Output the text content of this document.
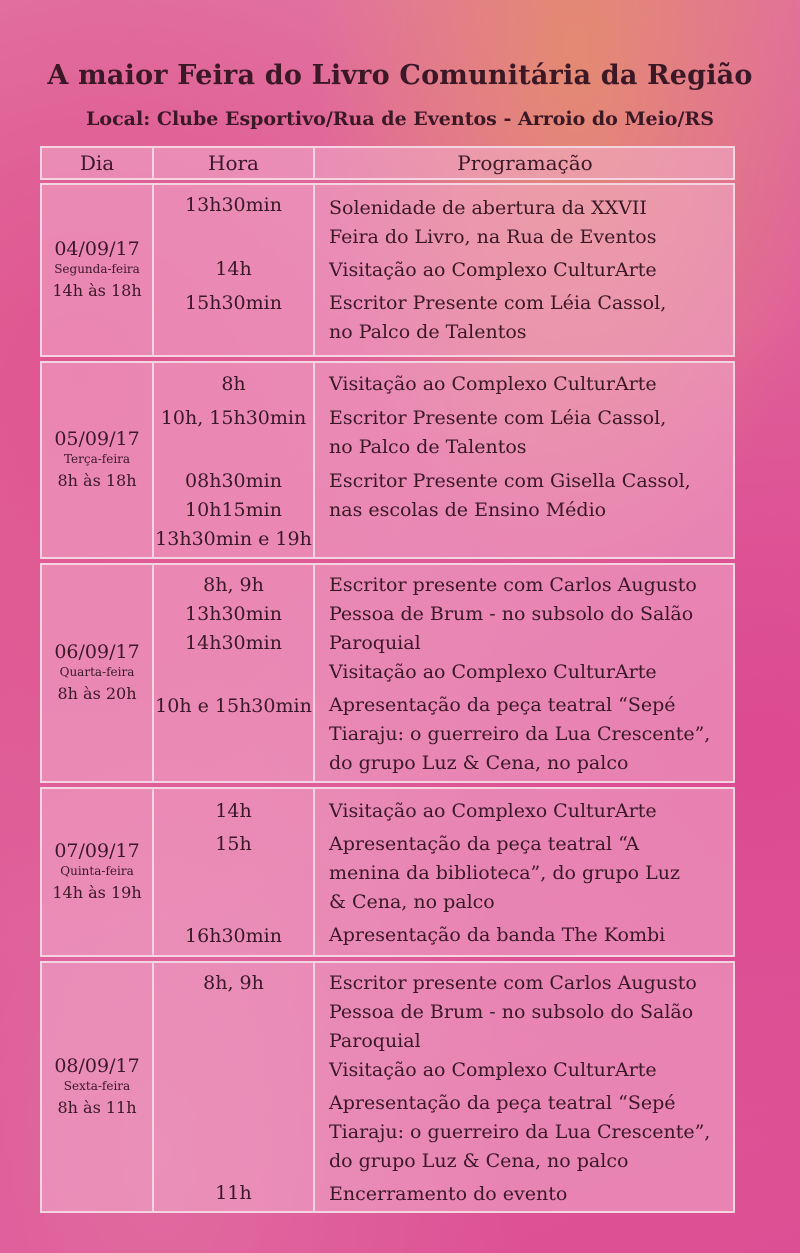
A maior Feira do Livro Comunitária da Região
Local: Clube Esportivo/Rua de Eventos - Arroio do Meio/RS
Dia	Hora	Programação
04/09/17
Segunda-feira
14h às 18h
13h30min
14h
15h30min
Solenidade de abertura da XXVII
Feira do Livro, na Rua de Eventos
Visitação ao Complexo CulturArte
Escritor Presente com Léia Cassol,
no Palco de Talentos
05/09/17
Terça-feira
8h às 18h
8h
10h, 15h30min
08h30min
10h15min
13h30min e 19h
Visitação ao Complexo CulturArte
Escritor Presente com Léia Cassol,
no Palco de Talentos
Escritor Presente com Gisella Cassol,
nas escolas de Ensino Médio
06/09/17
Quarta-feira
8h às 20h
8h, 9h
13h30min
14h30min
10h e 15h30min
Escritor presente com Carlos Augusto
Pessoa de Brum - no subsolo do Salão
Paroquial
Visitação ao Complexo CulturArte
Apresentação da peça teatral “Sepé
Tiaraju: o guerreiro da Lua Crescente”,
do grupo Luz & Cena, no palco
07/09/17
Quinta-feira
14h às 19h
14h
15h
16h30min
Visitação ao Complexo CulturArte
Apresentação da peça teatral “A
menina da biblioteca”, do grupo Luz
& Cena, no palco
Apresentação da banda The Kombi
08/09/17
Sexta-feira
8h às 11h
8h, 9h
11h
Escritor presente com Carlos Augusto
Pessoa de Brum - no subsolo do Salão
Paroquial
Visitação ao Complexo CulturArte
Apresentação da peça teatral “Sepé
Tiaraju: o guerreiro da Lua Crescente”,
do grupo Luz & Cena, no palco
Encerramento do evento
